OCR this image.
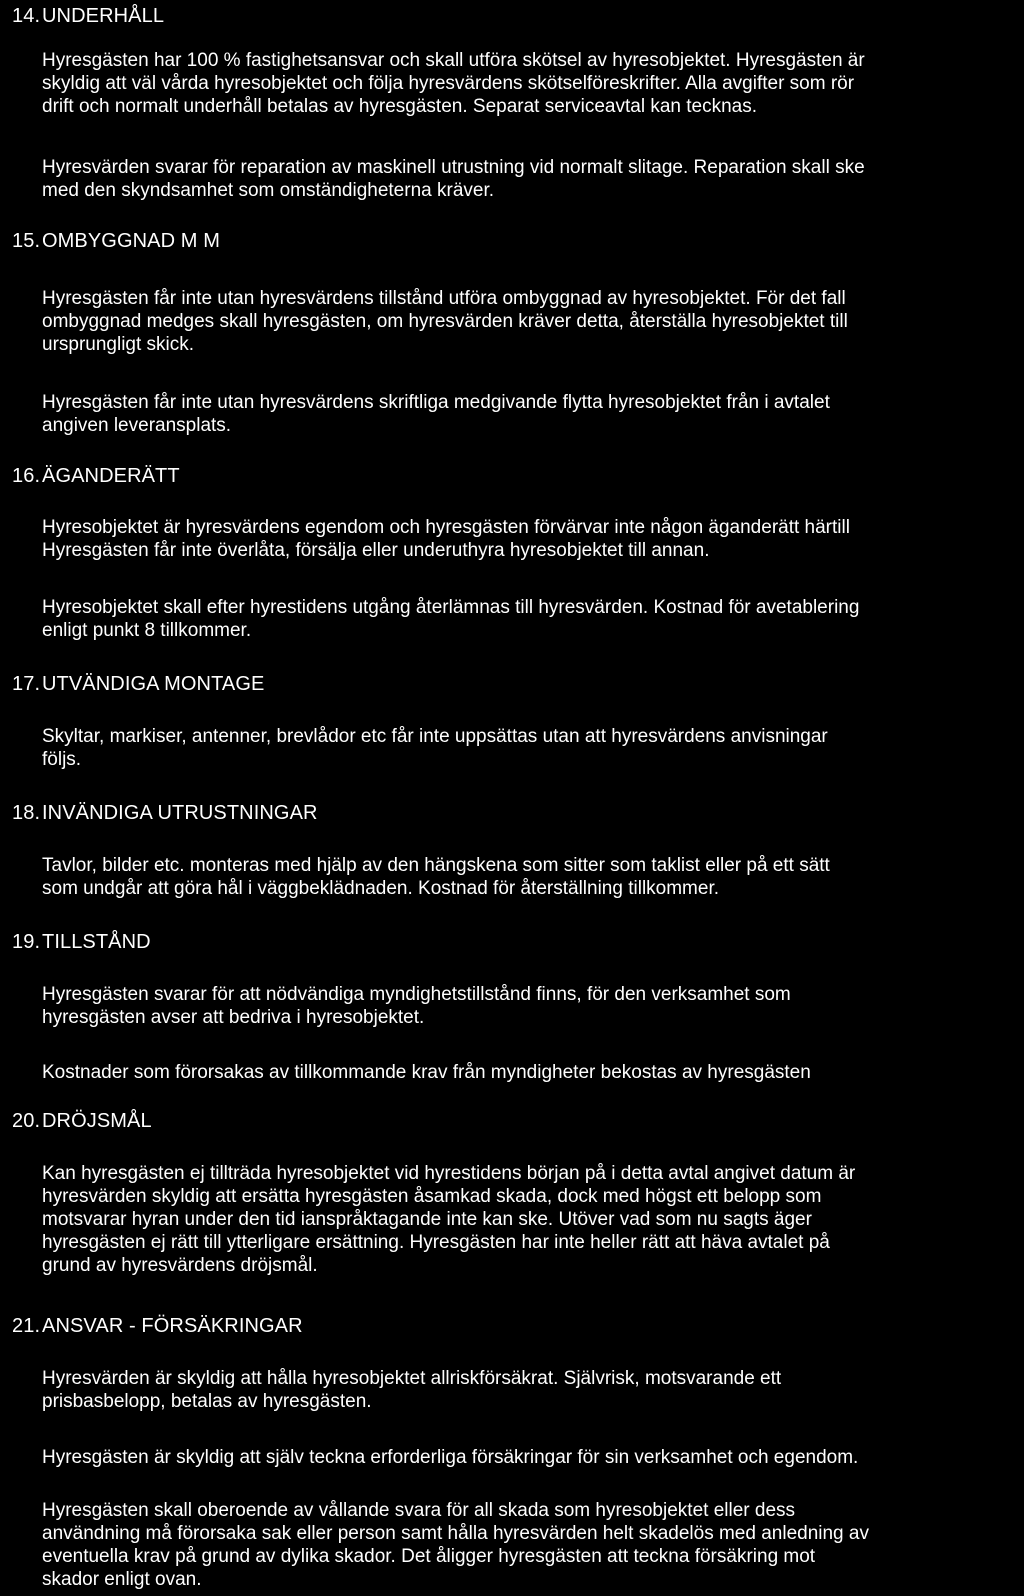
14.UNDERHÅLL

Hyresgästen har 100 % fastighetsansvar och skall utföra skötsel av hyresobjektet. Hyresgästen är
skyldig att väl vårda hyresobjektet och följa hyresvärdens skötselföreskrifter. Alla avgifter som rör
drift och normalt underhåll betalas av hyresgästen. Separat serviceavtal kan tecknas.

Hyresvärden svarar för reparation av maskinell utrustning vid normalt slitage. Reparation skall ske
med den skyndsamhet som omständigheterna kräver.

15.OMBYGGNAD M M

Hyresgästen får inte utan hyresvärdens tillstånd utföra ombyggnad av hyresobjektet. För det fall
ombyggnad medges skall hyresgästen, om hyresvärden kräver detta, återställa hyresobjektet till
ursprungligt skick.

Hyresgästen får inte utan hyresvärdens skriftliga medgivande flytta hyresobjektet från i avtalet
angiven leveransplats.

16.ÄGANDERÄTT

Hyresobjektet är hyresvärdens egendom och hyresgästen förvärvar inte någon äganderätt härtill
Hyresgästen får inte överlåta, försälja eller underuthyra hyresobjektet till annan.

Hyresobjektet skall efter hyrestidens utgång återlämnas till hyresvärden. Kostnad för avetablering
enligt punkt 8 tillkommer.

17.UTVÄNDIGA MONTAGE

Skyltar, markiser, antenner, brevlådor etc får inte uppsättas utan att hyresvärdens anvisningar
följs.

18.INVÄNDIGA UTRUSTNINGAR

Tavlor, bilder etc. monteras med hjälp av den hängskena som sitter som taklist eller på ett sätt
som undgår att göra hål i väggbeklädnaden. Kostnad för återställning tillkommer.

19.TILLSTÅND

Hyresgästen svarar för att nödvändiga myndighetstillstånd finns, för den verksamhet som
hyresgästen avser att bedriva i hyresobjektet.

Kostnader som förorsakas av tillkommande krav från myndigheter bekostas av hyresgästen

20.DRÖJSMÅL

Kan hyresgästen ej tillträda hyresobjektet vid hyrestidens början på i detta avtal angivet datum är
hyresvärden skyldig att ersätta hyresgästen åsamkad skada, dock med högst ett belopp som
motsvarar hyran under den tid ianspråktagande inte kan ske. Utöver vad som nu sagts äger
hyresgästen ej rätt till ytterligare ersättning. Hyresgästen har inte heller rätt att häva avtalet på
grund av hyresvärdens dröjsmål.

21.ANSVAR - FÖRSÄKRINGAR

Hyresvärden är skyldig att hålla hyresobjektet allriskförsäkrat. Självrisk, motsvarande ett
prisbasbelopp, betalas av hyresgästen.

Hyresgästen är skyldig att själv teckna erforderliga försäkringar för sin verksamhet och egendom.

Hyresgästen skall oberoende av vållande svara för all skada som hyresobjektet eller dess
användning må förorsaka sak eller person samt hålla hyresvärden helt skadelös med anledning av
eventuella krav på grund av dylika skador. Det åligger hyresgästen att teckna försäkring mot
skador enligt ovan.
